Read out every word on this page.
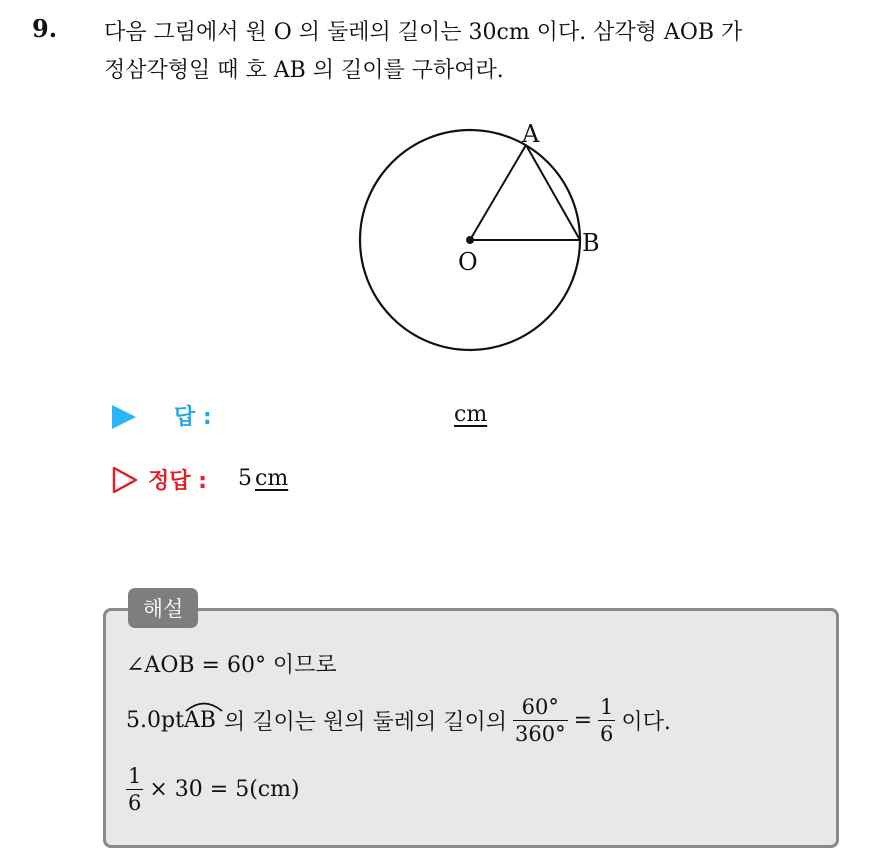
9. 다음 그림에서 원 O 의 둘레의 길이는 30cm 이다. 삼각형 AOB 가
정삼각형일 때 호 AB 의 길이를 구하여라.
A
B
O
답 :	cm
정답 : 5 cm
해설
∠AOB = 60° 이므로
5.0pt AB 의 길이는 원의 둘레의 길이의 $\frac{60^\circ}{360^\circ} = \frac{1}{6}$ 이다.
$\frac{1}{6} \times 30 = 5(cm)$
